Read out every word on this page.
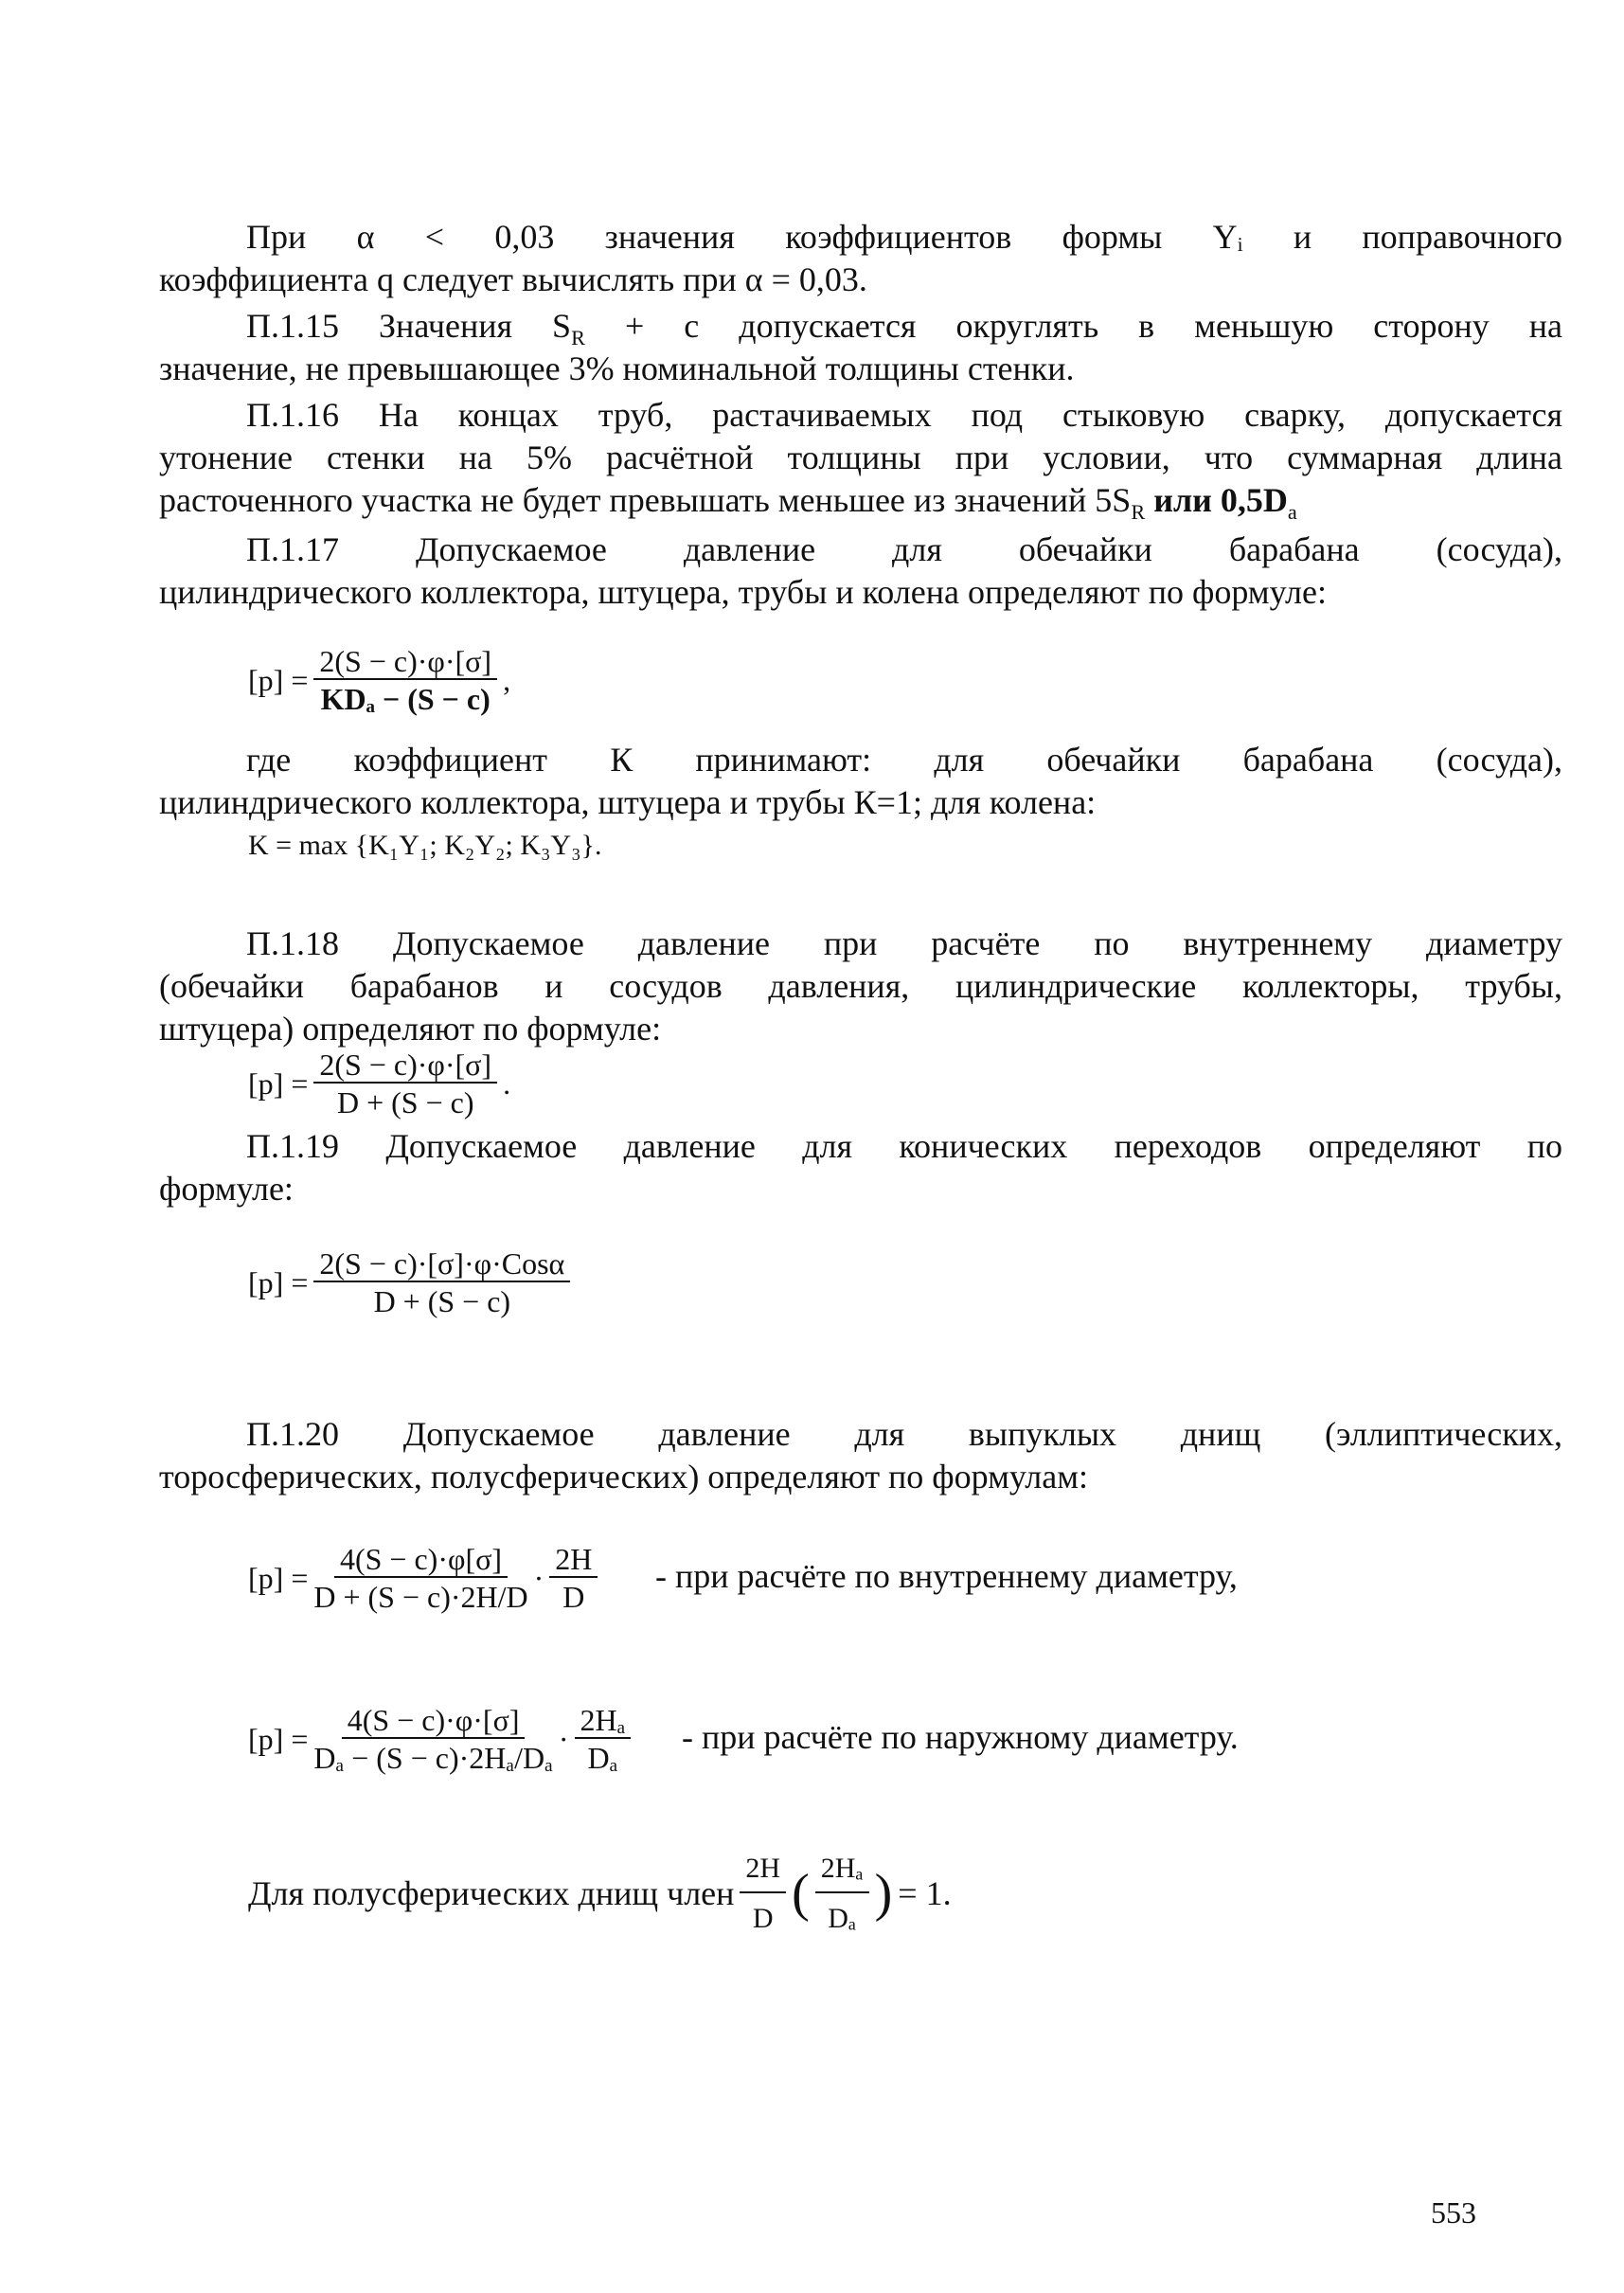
При α < 0,03 значения коэффициентов формы Yᵢ и поправочного
коэффициента q следует вычислять при α = 0,03.
П.1.15 Значения $S_R + c$ допускается округлять в меньшую сторону на
значение, не превышающее 3% номинальной толщины стенки.
П.1.16 На концах труб, растачиваемых под стыковую сварку, допускается
утонение стенки на 5% расчётной толщины при условии, что суммарная длина
расточенного участка не будет превышать меньшее из значений $5S_R$ или $0,5D_a$
П.1.17 Допускаемое давление для обечайки барабана (сосуда),
цилиндрического коллектора, штуцера, трубы и колена определяют по формуле:
$[p] = \frac{2(S - c)\cdot\varphi\cdot[\sigma]}{\text{KDₐ − (S − c)}}$ ,
где коэффициент К принимают: для обечайки барабана (сосуда),
цилиндрического коллектора, штуцера и трубы К=1; для колена:
K = max {K₁Y₁; K₂Y₂; K₃Y₃}.
П.1.18 Допускаемое давление при расчёте по внутреннему диаметру
(обечайки барабанов и сосудов давления, цилиндрические коллекторы, трубы,
штуцера) определяют по формуле:
$[p] = \frac{2(S - c)\cdot\varphi\cdot[\sigma]}{D + (S - c)}$ .
П.1.19 Допускаемое давление для конических переходов определяют по
формуле:
$[p] = \frac{\text{2(S − c)·[σ]·φ·Cosα}}{D + (S - c)}$
П.1.20 Допускаемое давление для выпуклых днищ (эллиптических,
торосферических, полусферических) определяют по формулам:
$[p] = \frac{4(S - c)\cdot\varphi[\sigma]}{D + (S - c)\cdot 2H/D} \cdot \frac{2H}{D}$ - при расчёте по внутреннему диаметру,
$[p] = \frac{4(S - c)\cdot\varphi\cdot[\sigma]}{\text{Dₐ − (S − c)·2Hₐ/Dₐ}} \cdot \frac{\text{2Hₐ}}{\text{Dₐ}}$ - при расчёте по наружному диаметру.
Для полусферических днищ член $\frac{2H}{D}$ ( $\frac{\text{2Hₐ}}{\text{Dₐ}}$ ) = 1.
553
